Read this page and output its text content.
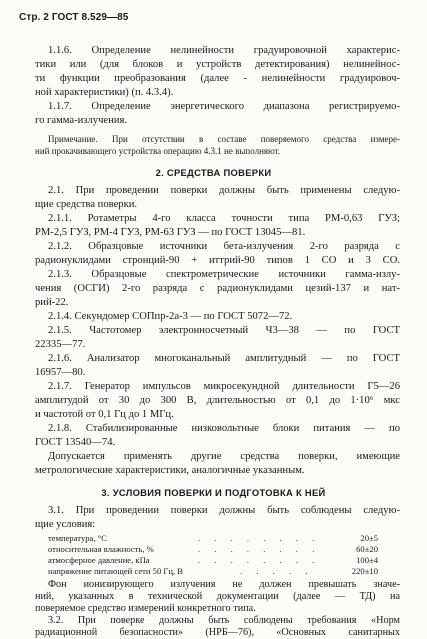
Стр. 2 ГОСТ 8.529—85
1.1.6. Определение нелинейности градуировочной характерис-
тики или (для блоков и устройств детектирования) нелинейнос-
ти функции преобразования (далее - нелинейности градуировоч-
ной характеристики) (п. 4.3.4).
1.1.7. Определение энергетического диапазона регистрируемо-
го гамма-излучения.
Примечание. При отсутствии в составе поверяемого средства измере-
ний прокачивающего устройства операцию 4.3.1 не выполняют.
2. СРЕДСТВА ПОВЕРКИ
2.1. При проведении поверки должны быть применены следую-
щие средства поверки.
2.1.1. Ротаметры 4-го класса точности типа РМ-0,63 ГУЗ;
РМ-2,5 ГУЗ, РМ-4 ГУЗ, РМ-63 ГУЗ — по ГОСТ 13045—81.
2.1.2. Образцовые источники бета-излучения 2-го разряда с
радионуклидами стронций-90 + иттрий-90 типов 1 СО и 3 СО.
2.1.3. Образцовые спектрометрические источники гамма-излу-
чения (ОСГИ) 2-го разряда с радионуклидами цезий-137 и нат-
рий-22.
2.1.4. Секундомер СОПпр-2а-3 — по ГОСТ 5072—72.
2.1.5. Частотомер электронносчетный Ч3—38 — по ГОСТ
22335—77.
2.1.6. Анализатор многоканальный амплитудный — по ГОСТ
16957—80.
2.1.7. Генератор импульсов микросекундной длительности Г5—26
амплитудой от 30 до 300 В, длительностью от 0,1 до 1·10⁶ мкс
и частотой от 0,1 Гц до 1 МГц.
2.1.8. Стабилизированные низковольтные блоки питания — по
ГОСТ 13540—74.
Допускается применять другие средства поверки, имеющие
метрологические характеристики, аналогичные указанным.
3. УСЛОВИЯ ПОВЕРКИ И ПОДГОТОВКА К НЕЙ
3.1. При проведении поверки должны быть соблюдены следую-
щие условия:
температура, °С	. . . . . . . .	20±5
относительная влажность, %	. . . . . . . .	60±20
атмосферное давление, кПа	. . . . . . . .	100±4
напряжение питающей сети 50 Гц, В	. . . . .	220±10
Фон ионизирующего излучения не должен превышать значе-
ний, указанных в технической документации (далее — ТД) на
поверяемое средство измерений конкретного типа.
3.2. При поверке должны быть соблюдены требования «Норм
радиационной безопасности» (НРБ—76), «Основных санитарных
